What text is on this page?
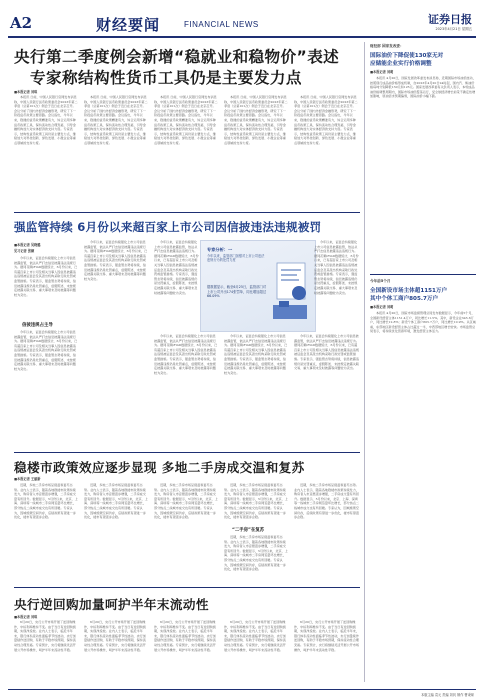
A2	财经要闻	FINANCIAL NEWS	证券日报
2023年4月21日 星期五
央行第二季度例会新增“稳就业和稳物价”表述
专家称结构性货币工具仍是主要发力点
■本报记者 刘琪

本报讯 日前，中国人民银行官网发布消息称，中国人民银行货币政策委员会2023年第二季度（总第101次）例会于近日在北京召开。会议分析了国内外经济金融形势，研究了下一阶段货币政策主要思路。会议指出，今年以来，稳健的货币政策精准有力，综合运用多种货币政策工具，保持流动性合理充裕，引导金融机构加大对实体经济的支持力度。专家表示，结构性货币政策工具仍是主要发力点，继续加大对科技创新、绿色发展、小微企业等重点领域的支持力度。

本报讯 日前，中国人民银行官网发布消息称，中国人民银行货币政策委员会2023年第二季度（总第101次）例会于近日在北京召开。会议分析了国内外经济金融形势，研究了下一阶段货币政策主要思路。会议指出，今年以来，稳健的货币政策精准有力，综合运用多种货币政策工具，保持流动性合理充裕，引导金融机构加大对实体经济的支持力度。专家表示，结构性货币政策工具仍是主要发力点，继续加大对科技创新、绿色发展、小微企业等重点领域的支持力度。

本报讯 日前，中国人民银行官网发布消息称，中国人民银行货币政策委员会2023年第二季度（总第101次）例会于近日在北京召开。会议分析了国内外经济金融形势，研究了下一阶段货币政策主要思路。会议指出，今年以来，稳健的货币政策精准有力，综合运用多种货币政策工具，保持流动性合理充裕，引导金融机构加大对实体经济的支持力度。专家表示，结构性货币政策工具仍是主要发力点，继续加大对科技创新、绿色发展、小微企业等重点领域的支持力度。

本报讯 日前，中国人民银行官网发布消息称，中国人民银行货币政策委员会2023年第二季度（总第101次）例会于近日在北京召开。会议分析了国内外经济金融形势，研究了下一阶段货币政策主要思路。会议指出，今年以来，稳健的货币政策精准有力，综合运用多种货币政策工具，保持流动性合理充裕，引导金融机构加大对实体经济的支持力度。专家表示，结构性货币政策工具仍是主要发力点，继续加大对科技创新、绿色发展、小微企业等重点领域的支持力度。

本报讯 日前，中国人民银行官网发布消息称，中国人民银行货币政策委员会2023年第二季度（总第101次）例会于近日在北京召开。会议分析了国内外经济金融形势，研究了下一阶段货币政策主要思路。会议指出，今年以来，稳健的货币政策精准有力，综合运用多种货币政策工具，保持流动性合理充裕，引导金融机构加大对实体经济的支持力度。专家表示，结构性货币政策工具仍是主要发力点，继续加大对科技创新、绿色发展、小微企业等重点领域的支持力度。

强监管持续 6月份以来超百家上市公司因信披违法违规被罚
■本报记者 吴晓璐
见习记者 张颖

今年以来，证监会持续强化上市公司信息披露监管，依法从严打击信息披露违法违规行为。据同花顺iFinD数据统计，6月份以来，已有超百家上市公司及相关当事人因信息披露违法违规被证监会及其派出机构采取行政处罚或监管措施。专家表示，强监管态势将持续，信息披露违规仍是处罚重点，虚假陈述、未按规定披露关联交易、重大事项未及时披露等问题较为突出。

信披违规占主导

今年以来，证监会持续强化上市公司信息披露监管，依法从严打击信息披露违法违规行为。据同花顺iFinD数据统计，6月份以来，已有超百家上市公司及相关当事人因信息披露违法违规被证监会及其派出机构采取行政处罚或监管措施。专家表示，强监管态势将持续，信息披露违规仍是处罚重点，虚假陈述、未按规定披露关联交易、重大事项未及时披露等问题较为突出。

今年以来，证监会持续强化上市公司信息披露监管，依法从严打击信息披露违法违规行为。据同花顺iFinD数据统计，6月份以来，已有超百家上市公司及相关当事人因信息披露违法违规被证监会及其派出机构采取行政处罚或监管措施。专家表示，强监管态势将持续，信息披露违规仍是处罚重点，虚假陈述、未按规定披露关联交易、重大事项未及时披露等问题较为突出。

今年以来，证监会持续强化上市公司信息披露监管，依法从严打击信息披露违法违规行为。据同花顺iFinD数据统计，6月份以来，已有超百家上市公司及相关当事人因信息披露违法违规被证监会及其派出机构采取行政处罚或监管措施。专家表示，强监管态势将持续，信息披露违规仍是处罚重点，虚假陈述、未按规定披露关联交易、重大事项未及时披露等问题较为突出。

专家分析：一
今年以来，监管部门加强对上市公司违法违规行为的处罚力度
据数据显示，截至6月25日，监管部门对上市公司开出174张罚单，同比增加超过66.09%

今年以来，证监会持续强化上市公司信息披露监管，依法从严打击信息披露违法违规行为。据同花顺iFinD数据统计，6月份以来，已有超百家上市公司及相关当事人因信息披露违法违规被证监会及其派出机构采取行政处罚或监管措施。专家表示，强监管态势将持续，信息披露违规仍是处罚重点，虚假陈述、未按规定披露关联交易、重大事项未及时披露等问题较为突出。

今年以来，证监会持续强化上市公司信息披露监管，依法从严打击信息披露违法违规行为。据同花顺iFinD数据统计，6月份以来，已有超百家上市公司及相关当事人因信息披露违法违规被证监会及其派出机构采取行政处罚或监管措施。专家表示，强监管态势将持续，信息披露违规仍是处罚重点，虚假陈述、未按规定披露关联交易、重大事项未及时披露等问题较为突出。

今年以来，证监会持续强化上市公司信息披露监管，依法从严打击信息披露违法违规行为。据同花顺iFinD数据统计，6月份以来，已有超百家上市公司及相关当事人因信息披露违法违规被证监会及其派出机构采取行政处罚或监管措施。专家表示，强监管态势将持续，信息披露违规仍是处罚重点，虚假陈述、未按规定披露关联交易、重大事项未及时披露等问题较为突出。

今年以来，证监会持续强化上市公司信息披露监管，依法从严打击信息披露违法违规行为。据同花顺iFinD数据统计，6月份以来，已有超百家上市公司及相关当事人因信息披露违法违规被证监会及其派出机构采取行政处罚或监管措施。专家表示，强监管态势将持续，信息披露违规仍是处罚重点，虚假陈述、未按规定披露关联交易、重大事项未及时披露等问题较为突出。

稳楼市政策效应逐步显现 多地二手房成交温和复苏
■本报记者 王丽新

近期，多地二手房市场呈现温和复苏态势。业内人士表示，随着各地稳楼市政策持续发力，购房者入市意愿逐步增强，二手房成交量有所回升。数据显示，5月份以来，北京、上海、深圳等一线城市二手房网签量环比增长，部分热点二线城市成交也有所回暖。专家认为，因城施策空间仍存，后续政策有望进一步优化，楼市有望逐步企稳。

近期，多地二手房市场呈现温和复苏态势。业内人士表示，随着各地稳楼市政策持续发力，购房者入市意愿逐步增强，二手房成交量有所回升。数据显示，5月份以来，北京、上海、深圳等一线城市二手房网签量环比增长，部分热点二线城市成交也有所回暖。专家认为，因城施策空间仍存，后续政策有望进一步优化，楼市有望逐步企稳。

近期，多地二手房市场呈现温和复苏态势。业内人士表示，随着各地稳楼市政策持续发力，购房者入市意愿逐步增强，二手房成交量有所回升。数据显示，5月份以来，北京、上海、深圳等一线城市二手房网签量环比增长，部分热点二线城市成交也有所回暖。专家认为，因城施策空间仍存，后续政策有望进一步优化，楼市有望逐步企稳。

近期，多地二手房市场呈现温和复苏态势。业内人士表示，随着各地稳楼市政策持续发力，购房者入市意愿逐步增强，二手房成交量有所回升。数据显示，5月份以来，北京、上海、深圳等一线城市二手房网签量环比增长，部分热点二线城市成交也有所回暖。专家认为，因城施策空间仍存，后续政策有望进一步优化，楼市有望逐步企稳。

“二手房”在复苏

近期，多地二手房市场呈现温和复苏态势。业内人士表示，随着各地稳楼市政策持续发力，购房者入市意愿逐步增强，二手房成交量有所回升。数据显示，5月份以来，北京、上海、深圳等一线城市二手房网签量环比增长，部分热点二线城市成交也有所回暖。专家认为，因城施策空间仍存，后续政策有望进一步优化，楼市有望逐步企稳。

近期，多地二手房市场呈现温和复苏态势。业内人士表示，随着各地稳楼市政策持续发力，购房者入市意愿逐步增强，二手房成交量有所回升。数据显示，5月份以来，北京、上海、深圳等一线城市二手房网签量环比增长，部分热点二线城市成交也有所回暖。专家认为，因城施策空间仍存，后续政策有望进一步优化，楼市有望逐步企稳。

央行逆回购加量呵护半年末流动性
■本报记者 刘琪

6月20日，央行公开市场开展了逆回购操作，中标利率维持不变。由于当日有逆回购到期，实现净投放。业内人士表示，临近半年末，银行体系流动性面临季节性波动，央行加量续作逆回购，有助于平稳市场预期，保持流动性合理充裕。专家预计，央行将继续灵活开展公开市场操作，呵护半年末流动性平稳。

6月20日，央行公开市场开展了逆回购操作，中标利率维持不变。由于当日有逆回购到期，实现净投放。业内人士表示，临近半年末，银行体系流动性面临季节性波动，央行加量续作逆回购，有助于平稳市场预期，保持流动性合理充裕。专家预计，央行将继续灵活开展公开市场操作，呵护半年末流动性平稳。

6月20日，央行公开市场开展了逆回购操作，中标利率维持不变。由于当日有逆回购到期，实现净投放。业内人士表示，临近半年末，银行体系流动性面临季节性波动，央行加量续作逆回购，有助于平稳市场预期，保持流动性合理充裕。专家预计，央行将继续灵活开展公开市场操作，呵护半年末流动性平稳。

6月20日，央行公开市场开展了逆回购操作，中标利率维持不变。由于当日有逆回购到期，实现净投放。业内人士表示，临近半年末，银行体系流动性面临季节性波动，央行加量续作逆回购，有助于平稳市场预期，保持流动性合理充裕。专家预计，央行将继续灵活开展公开市场操作，呵护半年末流动性平稳。

6月20日，央行公开市场开展了逆回购操作，中标利率维持不变。由于当日有逆回购到期，实现净投放。业内人士表示，临近半年末，银行体系流动性面临季节性波动，央行加量续作逆回购，有助于平稳市场预期，保持流动性合理充裕。专家预计，央行将继续灵活开展公开市场操作，呵护半年末流动性平稳。

财经部 国家发改委：
国际油价下降促使130家无对
应储能企业实行价格调整
■本报记者 刘萌

本报讯 4月20日，国家发展改革委发布消息称，近期国际市场油价波动，按照现行成品油价格形成机制，自2023年4月20日24时起，国内汽、柴油价格每吨分别降低130元和125元。国家发展改革委有关负责人表示，本轮成品油价格调整周期内，国际市场油价震荡运行，受全球经济增长前景不确定性增加影响，原油需求预期偏弱，国际油价小幅下跌。

今年前5个月
全国新设市场主体超1151万户
其中个体工商户805.7万户
■本报记者 刘萌

本报讯 4月20日，国家市场监督管理总局发布数据显示，今年前5个月，全国新设经营主体1151.4万户，同比增长11.5%。其中，新设企业345.6万户，同比增长12.8%；新设个体工商户805.7万户，同比增长10.9%。从区域看，东部地区新设经营主体占比超过一半，中西部地区增长较快。市场监管总局表示，将持续优化营商环境，激发经营主体活力。

本版主编 袁元 责编 刘钊 制作 曹秉琛
